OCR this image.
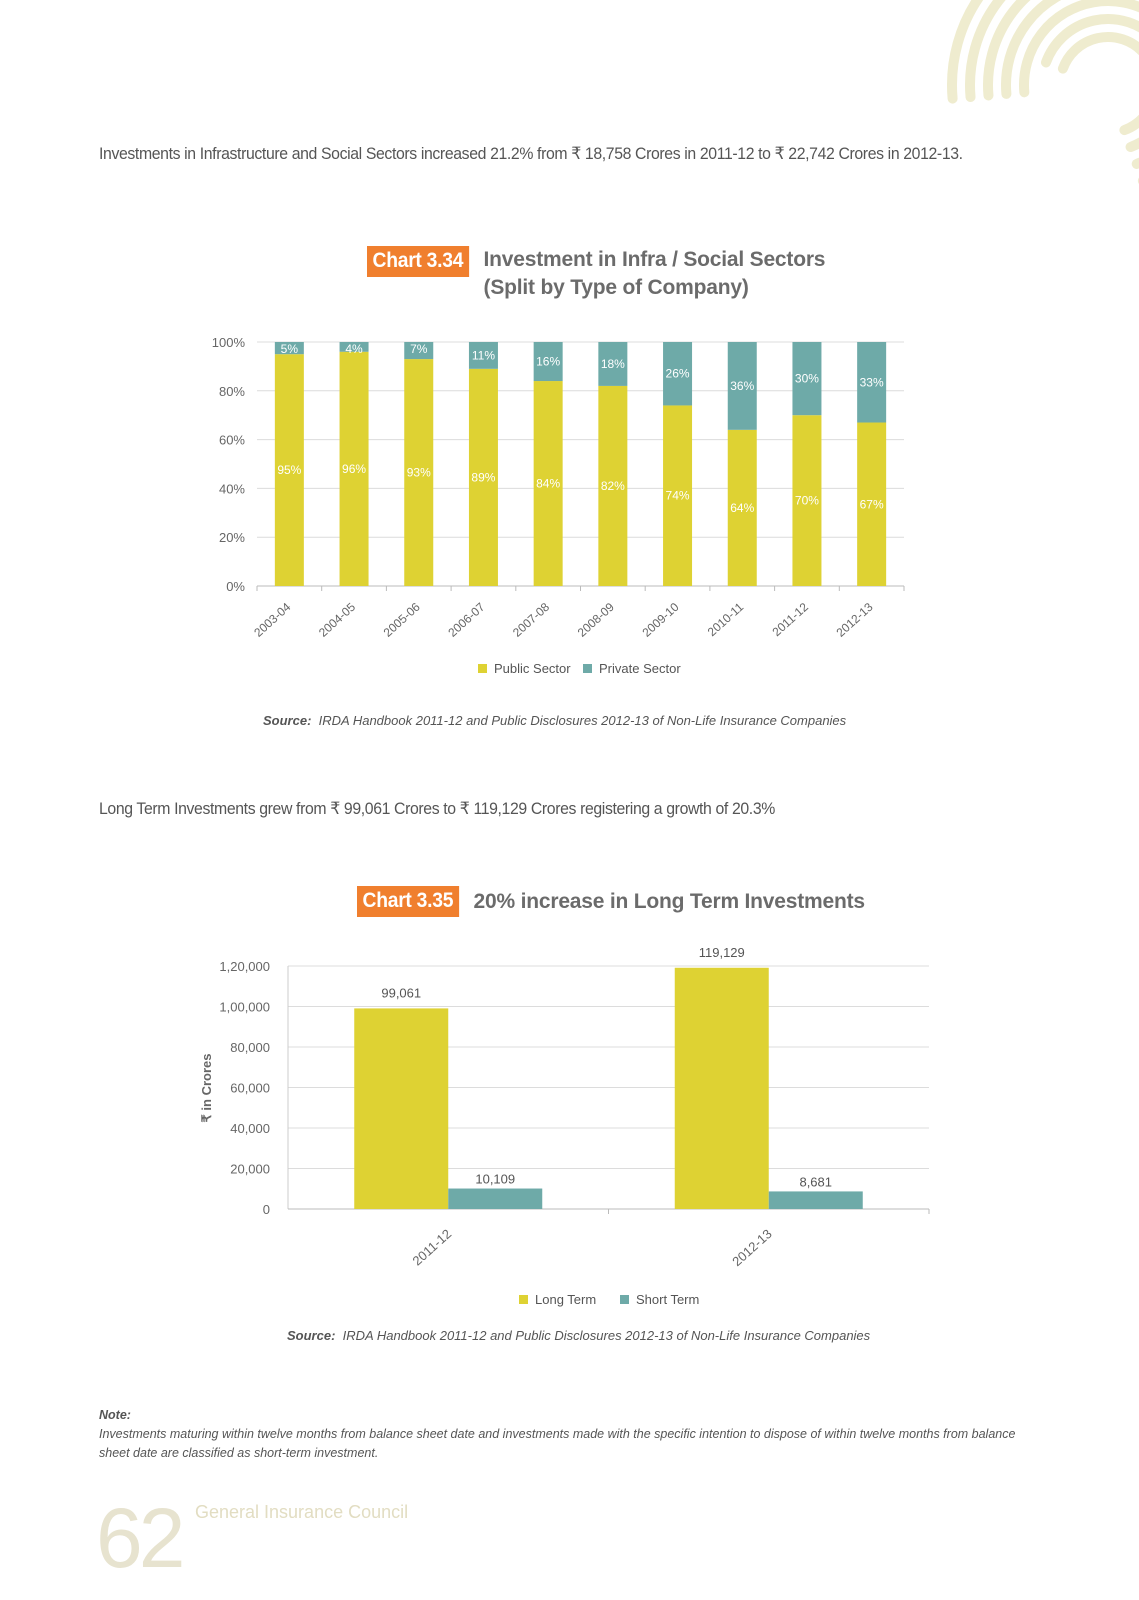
Investments in Infrastructure and Social Sectors increased 21.2% from ₹ 18,758 Crores in 2011-12 to ₹ 22,742 Crores in 2012-13.
Chart 3.34 Investment in Infra / Social Sectors
(Split by Type of Company)
0%
20%
40%
60%
80%
100%
95%
5%
2003-04
96%
4%
2004-05
93%
7%
2005-06
89%
11%
2006-07
84%
16%
2007-08
82%
18%
2008-09
74%
26%
2009-10
64%
36%
2010-11
70%
30%
2011-12
67%
33%
2012-13
Public Sector Private Sector
Source: IRDA Handbook 2011-12 and Public Disclosures 2012-13 of Non-Life Insurance Companies
Long Term Investments grew from ₹ 99,061 Crores to ₹ 119,129 Crores registering a growth of 20.3%
Chart 3.35 20% increase in Long Term Investments
0
20,000
40,000
60,000
80,000
1,00,000
1,20,000
₹ in Crores
99,061
10,109
2011-12
119,129
8,681
2012-13
Long Term	Short Term
Source: IRDA Handbook 2011-12 and Public Disclosures 2012-13 of Non-Life Insurance Companies
Note:
Investments maturing within twelve months from balance sheet date and investments made with the specific intention to dispose of within twelve months from balance sheet date are classified as short-term investment.
62 General Insurance Council
